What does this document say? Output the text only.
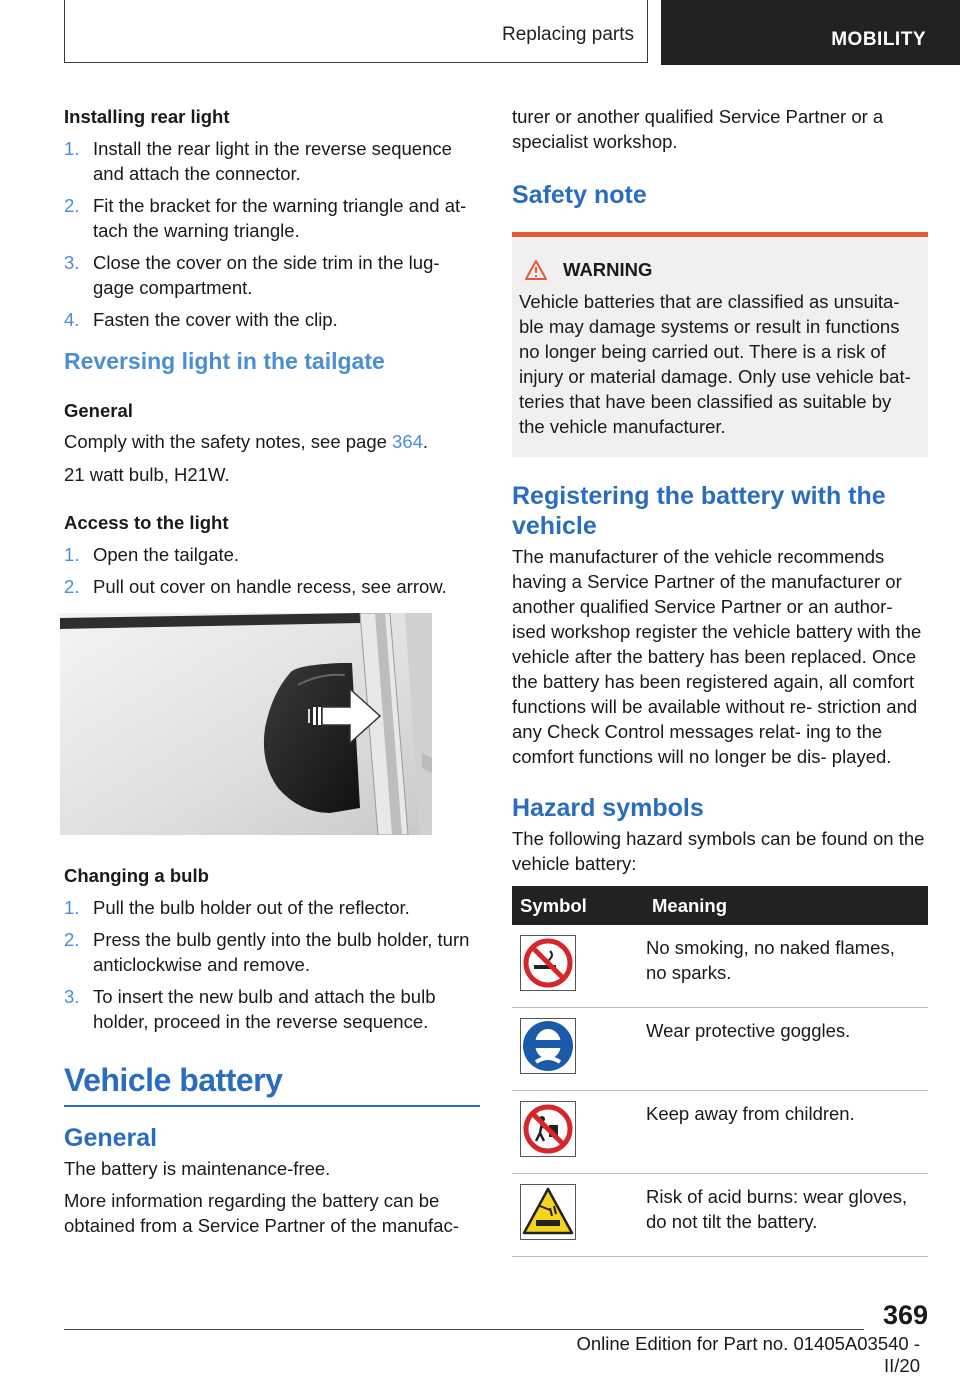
Replacing parts	MOBILITY

Installing rear light

1. Install the rear light in the reverse sequence and attach the connector.
2. Fit the bracket for the warning triangle and at‐ tach the warning triangle.
3. Close the cover on the side trim in the lug‐ gage compartment.
4. Fasten the cover with the clip.

Reversing light in the tailgate

General

Comply with the safety notes, see page 364.

21 watt bulb, H21W.

Access to the light

1. Open the tailgate.
2. Pull out cover on handle recess, see arrow.

Changing a bulb

1. Pull the bulb holder out of the reflector.
2. Press the bulb gently into the bulb holder, turn anticlockwise and remove.
3. To insert the new bulb and attach the bulb holder, proceed in the reverse sequence.

Vehicle battery

General

The battery is maintenance-free.

More information regarding the battery can be obtained from a Service Partner of the manufac‐

turer or another qualified Service Partner or a specialist workshop.

Safety note

WARNING

Vehicle batteries that are classified as unsuita‐ ble may damage systems or result in functions no longer being carried out. There is a risk of injury or material damage. Only use vehicle bat‐ teries that have been classified as suitable by the vehicle manufacturer.

Registering the battery with the vehicle

The manufacturer of the vehicle recommends having a Service Partner of the manufacturer or another qualified Service Partner or an author‐ ised workshop register the vehicle battery with the vehicle after the battery has been replaced. Once the battery has been registered again, all comfort functions will be available without re‐ striction and any Check Control messages relat‐ ing to the comfort functions will no longer be dis‐ played.

Hazard symbols

The following hazard symbols can be found on the vehicle battery:

Symbol	Meaning
	No smoking, no naked flames, no sparks.
	Wear protective goggles.
	Keep away from children.
	Risk of acid burns: wear gloves, do not tilt the battery.
369
Online Edition for Part no. 01405A03540 - II/20
